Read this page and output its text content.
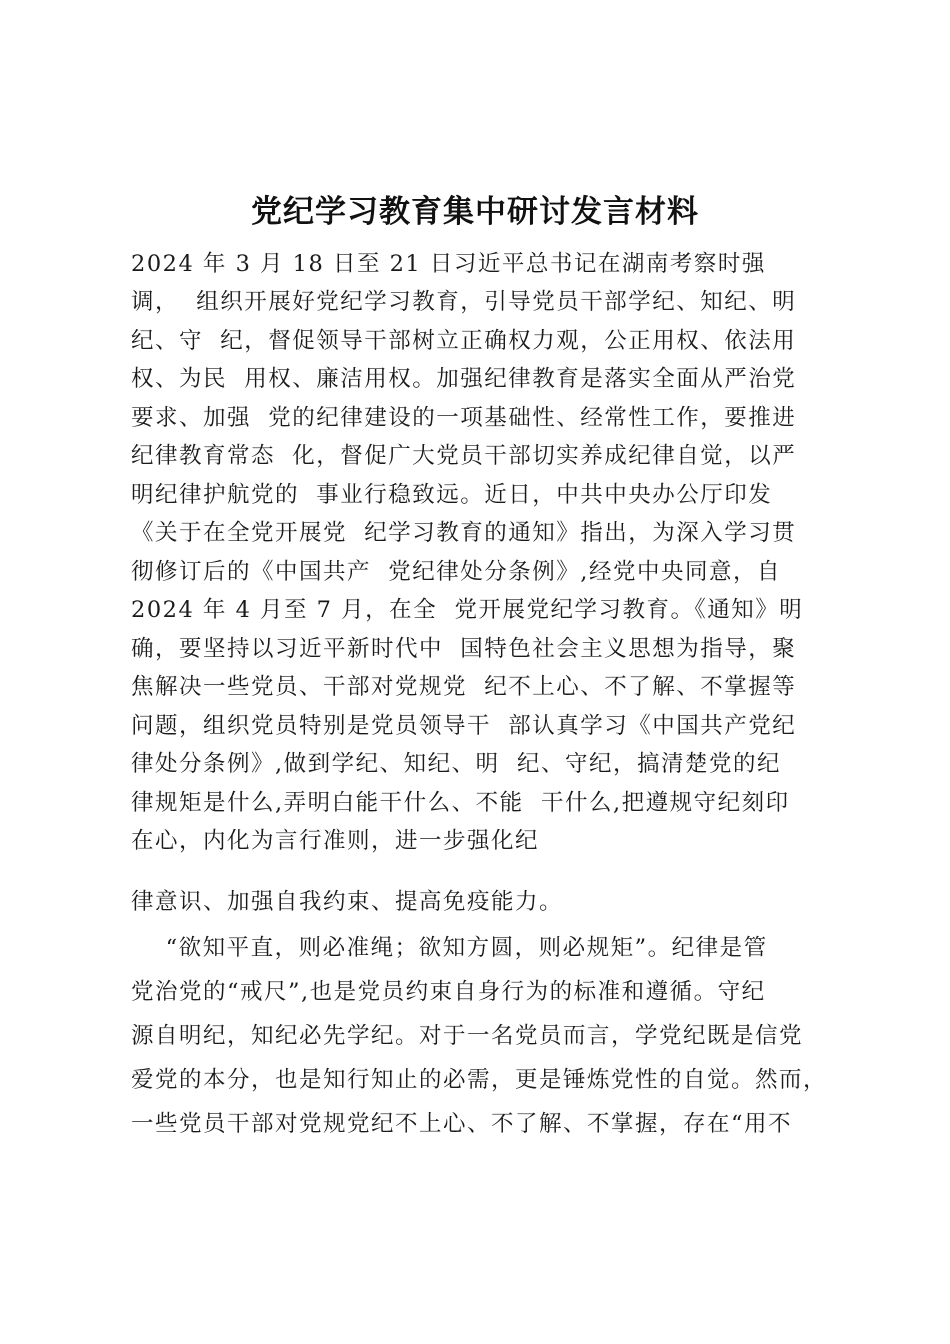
党纪学习教育集中研讨发言材料

2024 年 3 月 18 日至 21 日习近平总书记在湖南考察时强

调，  组织开展好党纪学习教育，引导党员干部学纪、知纪、明

纪、守  纪，督促领导干部树立正确权力观，公正用权、依法用

权、为民  用权、廉洁用权。加强纪律教育是落实全面从严治党

要求、加强  党的纪律建设的一项基础性、经常性工作，要推进

纪律教育常态  化，督促广大党员干部切实养成纪律自觉，以严

明纪律护航党的  事业行稳致远。近日，中共中央办公厅印发

《关于在全党开展党  纪学习教育的通知》指出，为深入学习贯

彻修订后的《中国共产  党纪律处分条例》,经党中央同意，自

2024 年 4 月至 7 月，在全  党开展党纪学习教育。《通知》明

确，要坚持以习近平新时代中  国特色社会主义思想为指导，聚

焦解决一些党员、干部对党规党  纪不上心、不了解、不掌握等

问题，组织党员特别是党员领导干  部认真学习《中国共产党纪

律处分条例》,做到学纪、知纪、明  纪、守纪，搞清楚党的纪

律规矩是什么,弄明白能干什么、不能  干什么,把遵规守纪刻印

在心，内化为言行准则，进一步强化纪

律意识、加强自我约束、提高免疫能力。

“欲知平直，则必准绳；欲知方圆，则必规矩”。纪律是管

党治党的“戒尺”,也是党员约束自身行为的标准和遵循。守纪

源自明纪，知纪必先学纪。对于一名党员而言，学党纪既是信党

爱党的本分，也是知行知止的必需，更是锤炼党性的自觉。然而，

一些党员干部对党规党纪不上心、不了解、不掌握，存在“用不
